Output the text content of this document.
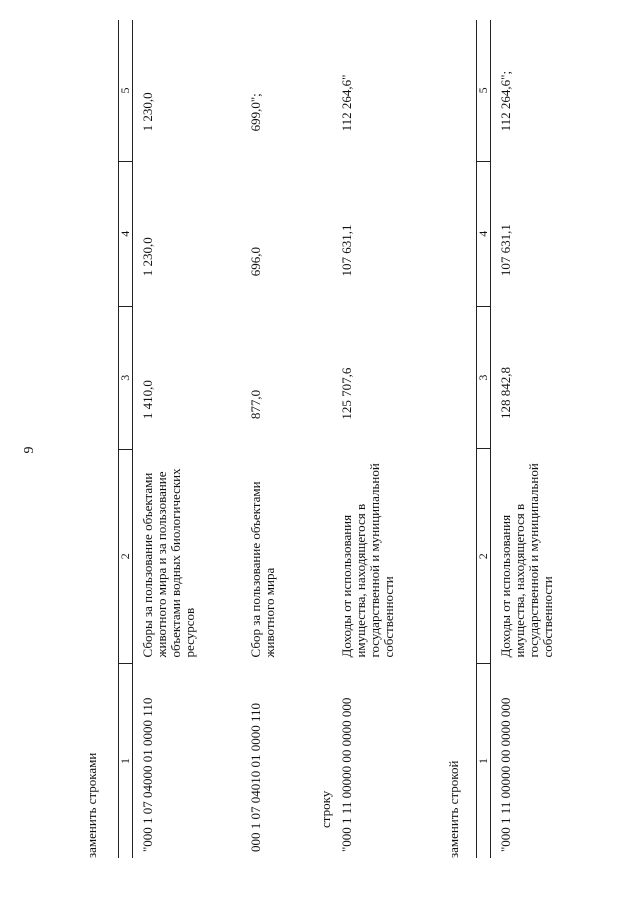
9
заменить строками 1	2	3	4	5
"000 1 07 04000 01 0000 110	Сборы за пользование объектами животного мира и за пользование объектами водных биологических ресурсов	1 410,0	1 230,0	1 230,0
000 1 07 04010 01 0000 110	Сбор за пользование объектами животного мира	877,0	696,0	699,0";
строку "000 1 11 00000 00 0000 000	Доходы от использования имущества, находящегося в государственной и муниципальной собственности	125 707,6	107 631,1	112 264,6"
заменить строкой 1	2	3	4	5
"000 1 11 00000 00 0000 000	Доходы от использования имущества, находящегося в государственной и муниципальной собственности	128 842,8	107 631,1	112 264,6";
